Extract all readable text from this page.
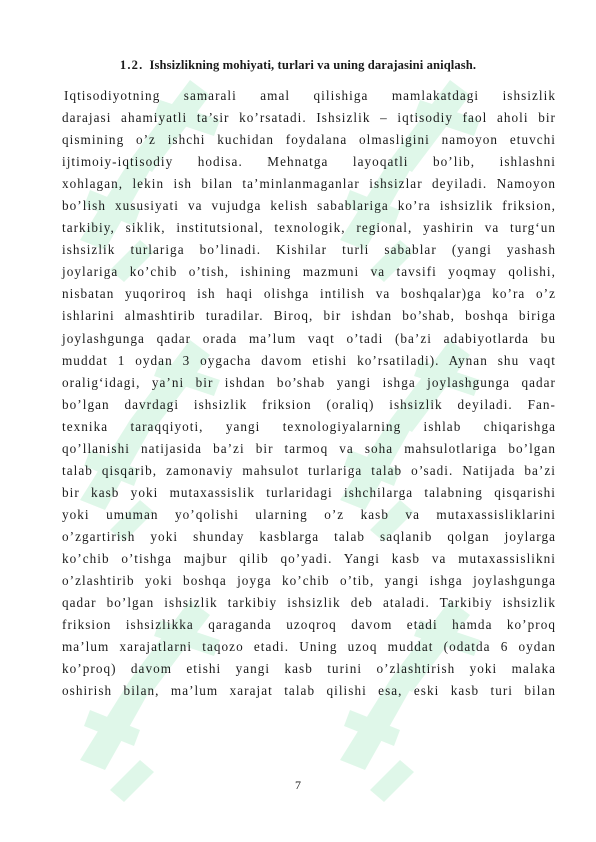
1.2. Ishsizlikning mohiyati, turlari va uning darajasini aniqlash.
Iqtisodiyotning samarali amal qilishiga mamlakatdagi ishsizlik
darajasi ahamiyatli ta’sir ko’rsatadi. Ishsizlik – iqtisodiy faol aholi bir
qismining o’z ishchi kuchidan foydalana olmasligini namoyon etuvchi
ijtimoiy-iqtisodiy hodisa. Mehnatga layoqatli bo’lib, ishlashni
xohlagan, lekin ish bilan ta’minlanmaganlar ishsizlar deyiladi. Namoyon
bo’lish xususiyati va vujudga kelish sabablariga ko’ra ishsizlik friksion,
tarkibiy, siklik, institutsional, texnologik, regional, yashirin va turg‘un
ishsizlik turlariga bo’linadi. Kishilar turli sabablar (yangi yashash
joylariga ko’chib o’tish, ishining mazmuni va tavsifi yoqmay qolishi,
nisbatan yuqoriroq ish haqi olishga intilish va boshqalar)ga ko’ra o’z
ishlarini almashtirib turadilar. Biroq, bir ishdan bo’shab, boshqa biriga
joylashgunga qadar orada ma’lum vaqt o’tadi (ba’zi adabiyotlarda bu
muddat 1 oydan 3 oygacha davom etishi ko’rsatiladi). Aynan shu vaqt
oralig‘idagi, ya’ni bir ishdan bo’shab yangi ishga joylashgunga qadar
bo’lgan davrdagi ishsizlik friksion (oraliq) ishsizlik deyiladi. Fan-
texnika taraqqiyoti, yangi texnologiyalarning ishlab chiqarishga
qo’llanishi natijasida ba’zi bir tarmoq va soha mahsulotlariga bo’lgan
talab qisqarib, zamonaviy mahsulot turlariga talab o’sadi. Natijada ba’zi
bir kasb yoki mutaxassislik turlaridagi ishchilarga talabning qisqarishi
yoki umuman yo’qolishi ularning o’z kasb va mutaxassisliklarini
o’zgartirish yoki shunday kasblarga talab saqlanib qolgan joylarga
ko’chib o’tishga majbur qilib qo’yadi. Yangi kasb va mutaxassislikni
o’zlashtirib yoki boshqa joyga ko’chib o’tib, yangi ishga joylashgunga
qadar bo’lgan ishsizlik tarkibiy ishsizlik deb ataladi. Tarkibiy ishsizlik
friksion ishsizlikka qaraganda uzoqroq davom etadi hamda ko’proq
ma’lum xarajatlarni taqozo etadi. Uning uzoq muddat (odatda 6 oydan
ko’proq) davom etishi yangi kasb turini o’zlashtirish yoki malaka
oshirish bilan, ma’lum xarajat talab qilishi esa, eski kasb turi bilan
7
